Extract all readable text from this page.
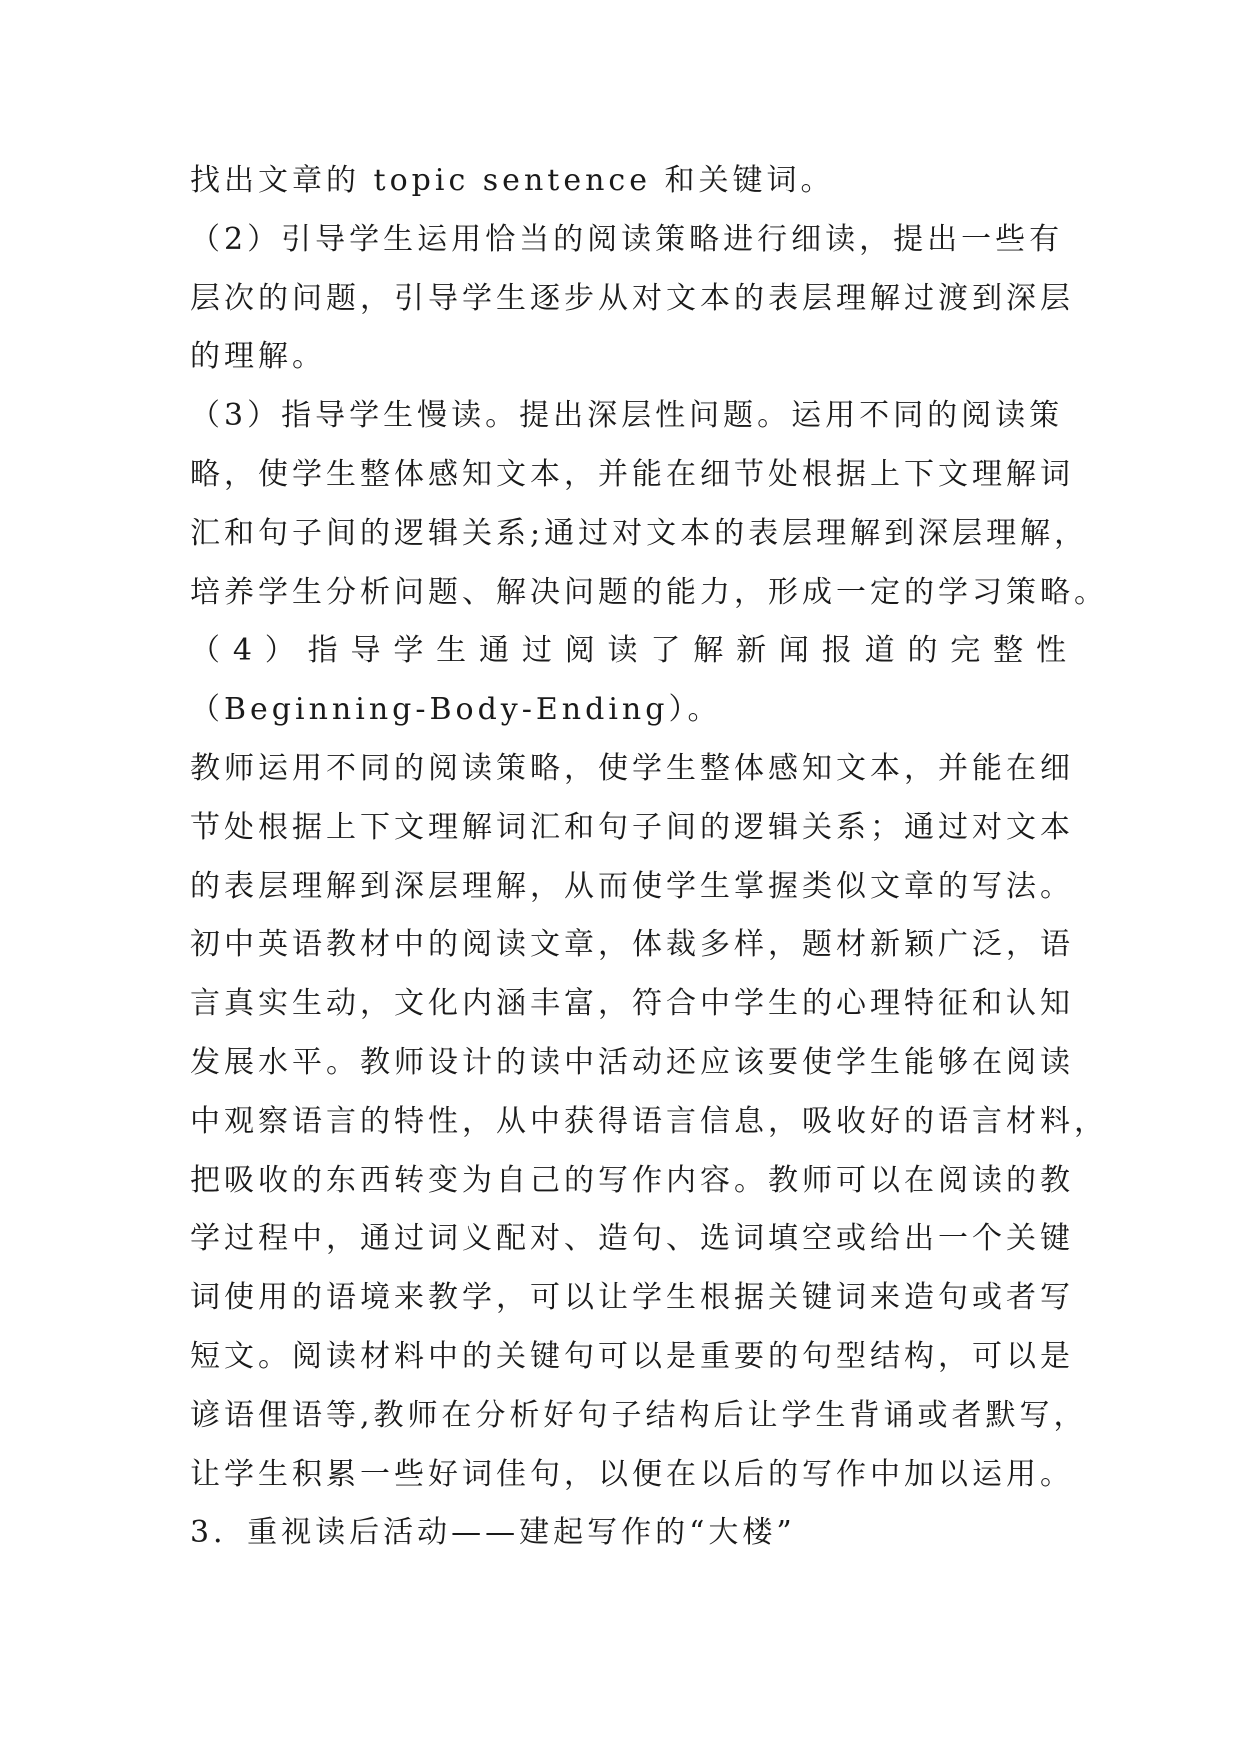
找出文章的 topic sentence 和关键词。
（2）引导学生运用恰当的阅读策略进行细读，提出一些有
层次的问题，引导学生逐步从对文本的表层理解过渡到深层
的理解。
（3）指导学生慢读。提出深层性问题。运用不同的阅读策
略，使学生整体感知文本，并能在细节处根据上下文理解词
汇和句子间的逻辑关系;通过对文本的表层理解到深层理解，
培养学生分析问题、解决问题的能力，形成一定的学习策略。
（4）指导学生通过阅读了解新闻报道的完整性
（Beginning-Body-Ending）。
教师运用不同的阅读策略，使学生整体感知文本，并能在细
节处根据上下文理解词汇和句子间的逻辑关系；通过对文本
的表层理解到深层理解，从而使学生掌握类似文章的写法。
初中英语教材中的阅读文章，体裁多样，题材新颖广泛，语
言真实生动，文化内涵丰富，符合中学生的心理特征和认知
发展水平。教师设计的读中活动还应该要使学生能够在阅读
中观察语言的特性，从中获得语言信息，吸收好的语言材料，
把吸收的东西转变为自己的写作内容。教师可以在阅读的教
学过程中，通过词义配对、造句、选词填空或给出一个关键
词使用的语境来教学，可以让学生根据关键词来造句或者写
短文。阅读材料中的关键句可以是重要的句型结构，可以是
谚语俚语等,教师在分析好句子结构后让学生背诵或者默写，
让学生积累一些好词佳句，以便在以后的写作中加以运用。
3．重视读后活动——建起写作的“大楼”
